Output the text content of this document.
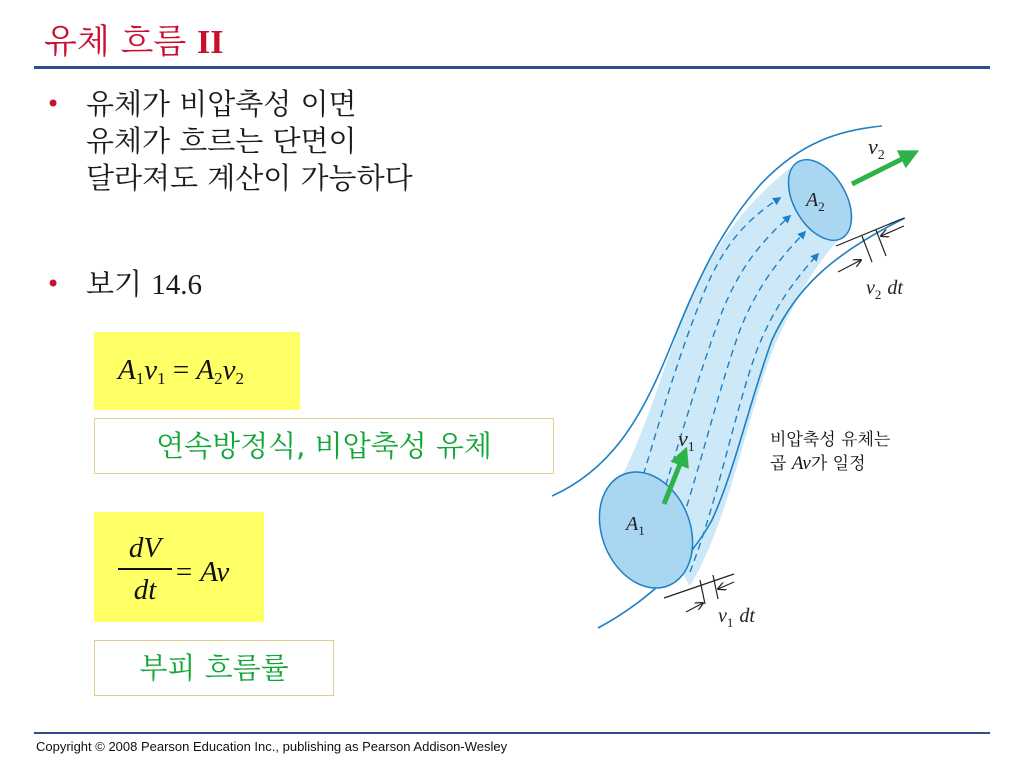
유체 흐름 II
• 유체가 비압축성 이면
유체가 흐르는 단면이
달라져도 계산이 가능하다
• 보기 14.6
$A_1v_1 = A_2v_2$
연속방정식, 비압축성 유체
dV
dt
= Av
부피 흐름률
$v_2$
$A_2$
$v_2$ dt
$v_1$
$A_1$
$v_1$ dt
비압축성 유체는
곱 Av가 일정
Copyright © 2008 Pearson Education Inc., publishing as Pearson Addison-Wesley
